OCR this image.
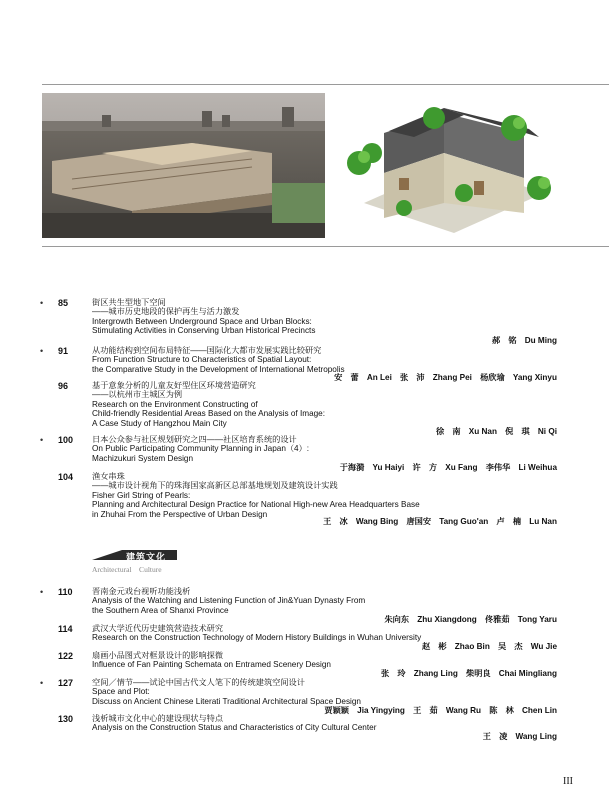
• 85	街区共生型地下空间
——城市历史地段的保护再生与活力激发
Intergrowth Between Underground Space and Urban Blocks:
Stimulating Activities in Conserving Urban Historical Precincts
郝　铭　Du Ming
• 91	从功能结构到空间布局特征——国际化大都市发展实践比较研究
From Function Structure to Characteristics of Spatial Layout:
the Comparative Study in the Development of International Metropolis
安　蕾　An Lei　张　沛　Zhang Pei　杨欣瑜　Yang Xinyu
96	基于意象分析的儿童友好型住区环境营造研究
——以杭州市主城区为例
Research on the Environment Constructing of
Child-friendly Residential Areas Based on the Analysis of Image:
A Case Study of Hangzhou Main City
徐　南　Xu Nan　倪　琪　Ni Qi
• 100	日本公众参与社区规划研究之四——社区培育系统的设计
On Public Participating Community Planning in Japan（4）:
Machizukuri System Design
于海漪　Yu Haiyi　许　方　Xu Fang　李伟华　Li Weihua
104	渔女串珠
——城市设计视角下的珠海国家高新区总部基地规划及建筑设计实践
Fisher Girl String of Pearls:
Planning and Architectural Design Practice for National High-new Area Headquarters Base
in Zhuhai From the Perspective of Urban Design
王　冰　Wang Bing　唐国安　Tang Guo'an　卢　楠　Lu Nan
建筑文化
Architectural　Culture
• 110	晋南金元戏台视听功能浅析
Analysis of the Watching and Listening Function of Jin&Yuan Dynasty From
the Southern Area of Shanxi Province
朱向东　Zhu Xiangdong　佟雅茹　Tong Yaru
114	武汉大学近代历史建筑营造技术研究
Research on the Construction Technology of Modern History Buildings in Wuhan University
赵　彬　Zhao Bin　吴　杰　Wu Jie
122	扇画小品图式对框景设计的影响探微
Influence of Fan Painting Schemata on Entramed Scenery Design
张　玲　Zhang Ling　柴明良　Chai Mingliang
• 127	空间／情节——试论中国古代文人笔下的传统建筑空间设计
Space and Plot:
Discuss on Ancient Chinese Literati Traditional Architectural Space Design
贾颖颖　Jia Yingying　王　茹　Wang Ru　陈　林　Chen Lin
130	浅析城市文化中心的建设现状与特点
Analysis on the Construction Status and Characteristics of City Cultural Center
王　凌　Wang Ling
III
